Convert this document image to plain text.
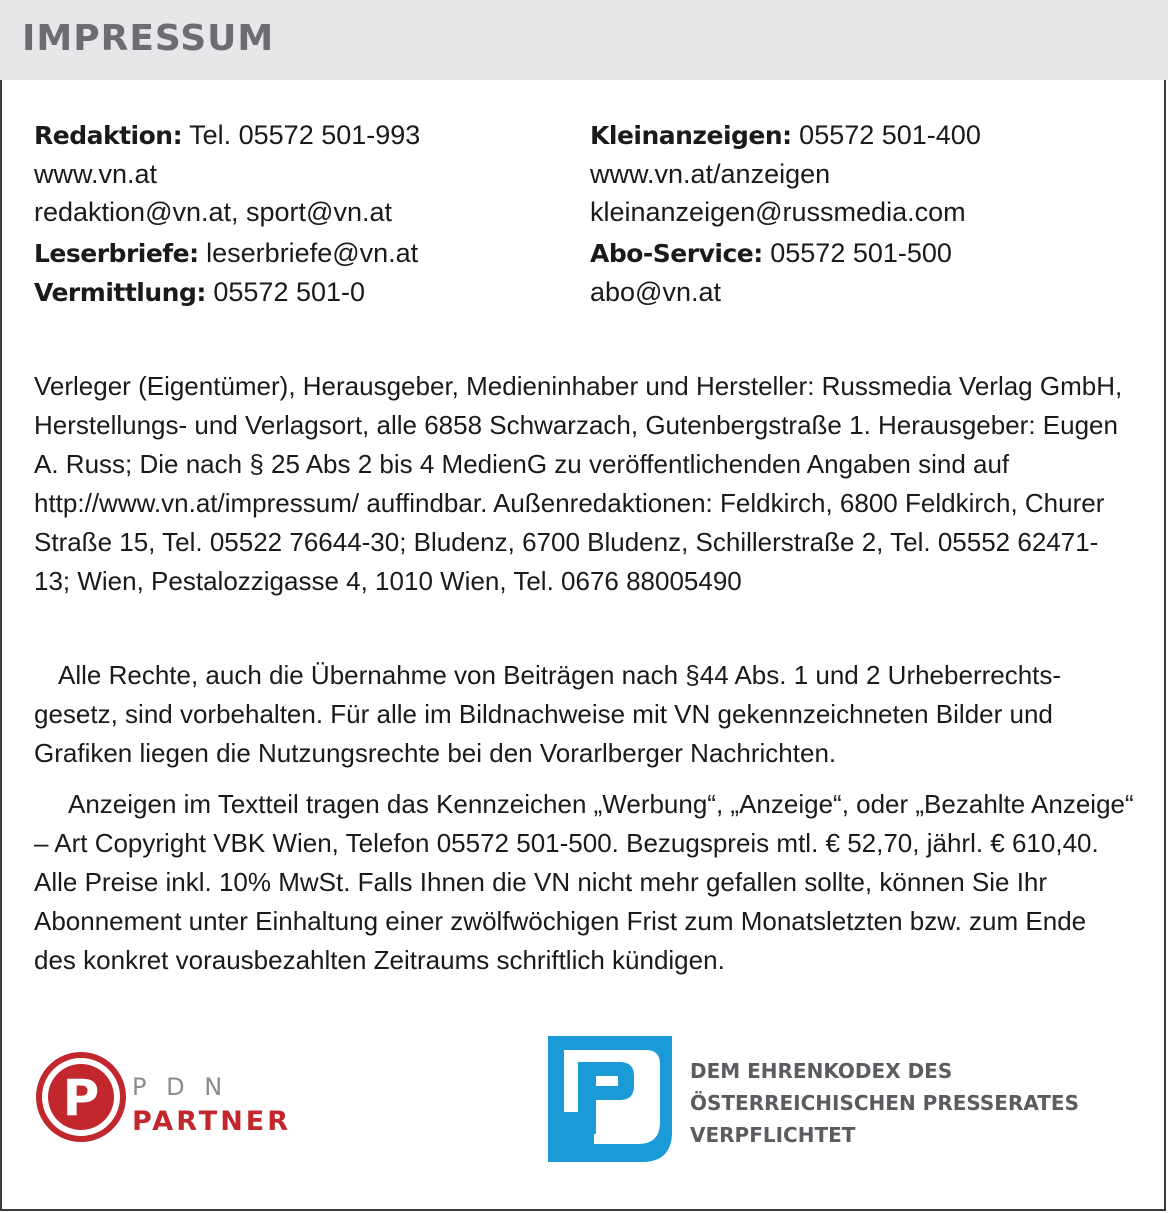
IMPRESSUM
Redaktion: Tel. 05572 501-993
www.vn.at
redaktion@vn.at, sport@vn.at
Leserbriefe: leserbriefe@vn.at
Vermittlung: 05572 501-0
Kleinanzeigen: 05572 501-400
www.vn.at/anzeigen
kleinanzeigen@russmedia.com
Abo-Service: 05572 501-500
abo@vn.at

Verleger (Eigentümer), Herausgeber, Medieninhaber und Hersteller: Russmedia Verlag GmbH, Herstellungs- und Verlagsort, alle 6858 Schwarzach, Gutenbergstraße 1. Herausgeber: Eugen A. Russ; Die nach § 25 Abs 2 bis 4 MedienG zu veröffentlichenden Angaben sind auf http://www.vn.at/impressum/ auffindbar. Außenredaktionen: Feldkirch, 6800 Feldkirch, Churer Straße 15, Tel. 05522 76644-30; Bludenz, 6700 Bludenz, Schillerstraße 2, Tel. 05552 62471-13; Wien, Pestalozzigasse 4, 1010 Wien, Tel. 0676 88005490

Alle Rechte, auch die Übernahme von Beiträgen nach §44 Abs. 1 und 2 Urheberrechtsgesetz, sind vorbehalten. Für alle im Bildnachweise mit VN gekennzeichneten Bilder und Grafiken liegen die Nutzungsrechte bei den Vorarlberger Nachrichten.

Anzeigen im Textteil tragen das Kennzeichen „Werbung“, „Anzeige“, oder „Bezahlte Anzeige“ – Art Copyright VBK Wien, Telefon 05572 501-500. Bezugspreis mtl. € 52,70, jährl. € 610,40. Alle Preise inkl. 10% MwSt. Falls Ihnen die VN nicht mehr gefallen sollte, können Sie Ihr Abonnement unter Einhaltung einer zwölfwöchigen Frist zum Monatsletzten bzw. zum Ende des konkret vorausbezahlten Zeitraums schriftlich kündigen.

P P D N
PARTNER
DEM EHRENKODEX DES
ÖSTERREICHISCHEN PRESSERATES
VERPFLICHTET
